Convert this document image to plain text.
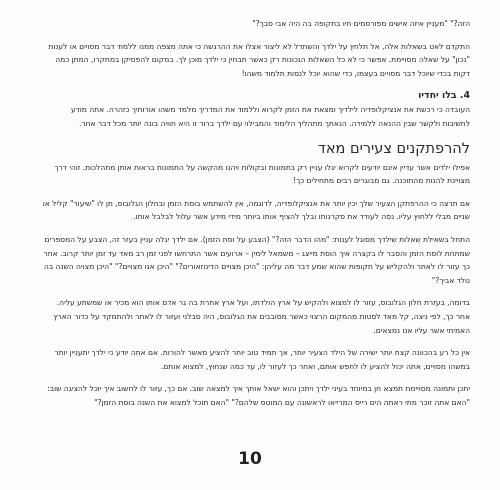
הזה?" "מעניין איזה אישים מפורסמים חיו בתקופה בה היה אבי סבך?"

התקדם לאט בשאלות אלה, אל תלחץ על ילדך והשתדל לא ליצור אצלו את ההרגשה כי אתה מצפה ממנו ללמוד דבר מסויים או לענות "נכון" על שאלה מסויימת. אפשר כי לא כל השאלות הנכונות רק כאשר תבחין כי ילדך מוכן לך. במקום להפסיקן במחקרו, המתן כמה דקות בכדי שיוכל דבר מסויים בעצמו, כדי שהוא יוכל לנסות תלמוד משהו!

4. בלו יחדיו

העובדה כי רכשת את אנציקלופדיה לילדיך ומצאת את הזמן לקרוא וללמוד את המדריך מלמד משהו אורותיך כזהרה. אתה מודע לחשיבות ולקשר שבין ההנאה ללמידה. הנאתך מתהליך הלימוד והמבילוי עם ילדך ברור זו היא חוויה בונה יותר מכל דבר אחר.

להרפתקנים צעירים מאד

אפילו ילדים אשר עדיין אינם יודעים לקרוא יגלו עניין רק בתמונות ובקולות ויהנו מהקשה על התמונות בראות אותן מתהלכות. זוהי דרך מצויינת להנות מהתוכנה. גם מבוגרים רבים מתחילים כך!

אם תרצה כי ההרפתקן הצעיר שלך יכין יותר את אנציקלופדיה, לדוגמה, אין להשתמש בוסת הזמן ובחלון הגלובוס, תן לו "שיעור" קליל או שניים מבלי ללחוץ עליו. נסה לעודד את סקרנותו ובלך להציף אותו ביותר מידי מידע אשר עלול לבלבל אותו.

התחל בשאילת שאלות שילדך מסוגל לענות: "מהו הדבר הזה?" (הצבע על וסת הזמן). אם ילדך יגלה עניין בעזר זה, הצבע על המספרים שמתחת לוסת הזמן והסבר לו בקצרה איך הוסת מייצג – משמאל לימין – ארועים אשר התרחשו לפני זמן רב מאד עד זמן יותר קרוב. אחר כך עזור לו לאתר ולהקליש על תקופות שהוא שמע דבר מה עליהן: "היכן מצויים הדינוזאורים?" "היכן אנו מצויים?" "היכן מצויה השנה בה נולד אביך?"

בדומה, בעזרת חלון הגלובוס, עזור לו למצוא ולהקיש על ארץ הולדתו, ועל ארץ אחרת בה גר אדם אותו הוא מכיר או שמשתע עליה. אחר כך, לפי ניצה, קל מאד לסטות מהמקום הרצוי כאשר מסובבים את הגלובוס, היה סבלני ועזור לו לאתר ולהתמקד על כדור הארץ האמיתי אשר עליו אנו נמצאים.

אין כל רע בהכוונה קצת יותר ישירה של הילד הצעיר יותר, אך תמיד טוב יותר להציע מאשר להורות. אם אתה יודע כי ילדך יתעניין יותר במשהו מסויים, אתה יכול להציע לו לחפש אותם, ואחר כך לעזור לו, עד כמה שנחוץ, למצוא אותם.

יתכן ותמונה מסויימת תמצא חן במיוחד בעיני ילדך ויתכן והוא ישאל אותך איך למצאה שוב. אם כך, עזור לו לחשוב איך יוכל להציגה שוב: "האם אתה זוכר מתי ראתה הים רייס המרייאו לראשונה עם המוטס שלהם?" "האם תוכל למצוא את השנה בוסת הזמן?"

10
